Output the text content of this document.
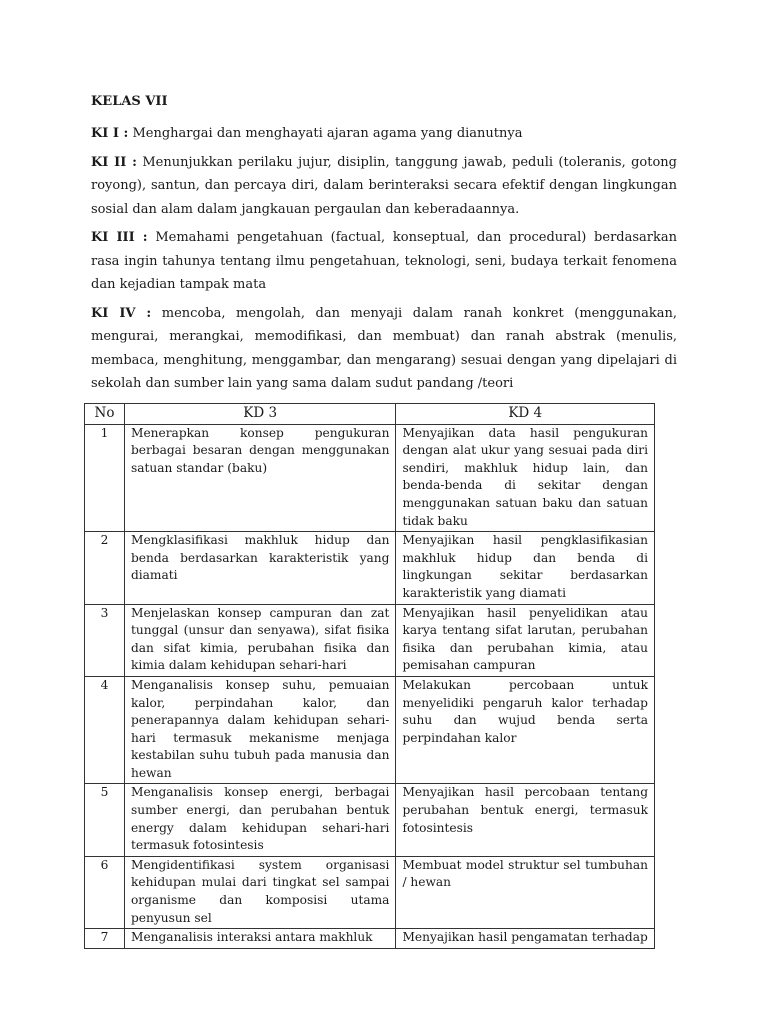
KELAS VII

KI I : Menghargai dan menghayati ajaran agama yang dianutnya

KI II : Menunjukkan perilaku jujur, disiplin, tanggung jawab, peduli (toleranis, gotong royong), santun, dan percaya diri, dalam berinteraksi secara efektif dengan lingkungan sosial dan alam dalam jangkauan pergaulan dan keberadaannya.

KI III : Memahami pengetahuan (factual, konseptual, dan procedural) berdasarkan rasa ingin tahunya tentang ilmu pengetahuan, teknologi, seni, budaya terkait fenomena dan kejadian tampak mata

KI IV : mencoba, mengolah, dan menyaji dalam ranah konkret (menggunakan, mengurai, merangkai, memodifikasi, dan membuat) dan ranah abstrak (menulis, membaca, menghitung, menggambar, dan mengarang) sesuai dengan yang dipelajari di sekolah dan sumber lain yang sama dalam sudut pandang /teori

No	KD 3	KD 4
1	Menerapkan konsep pengukuran berbagai besaran dengan menggunakan satuan standar (baku)	Menyajikan data hasil pengukuran dengan alat ukur yang sesuai pada diri sendiri, makhluk hidup lain, dan benda-benda di sekitar dengan menggunakan satuan baku dan satuan tidak baku
2	Mengklasifikasi makhluk hidup dan benda berdasarkan karakteristik yang diamati	Menyajikan hasil pengklasifikasian makhluk hidup dan benda di lingkungan sekitar berdasarkan karakteristik yang diamati
3	Menjelaskan konsep campuran dan zat tunggal (unsur dan senyawa), sifat fisika dan sifat kimia, perubahan fisika dan kimia dalam kehidupan sehari-hari	Menyajikan hasil penyelidikan atau karya tentang sifat larutan, perubahan fisika dan perubahan kimia, atau pemisahan campuran
4	Menganalisis konsep suhu, pemuaian kalor, perpindahan kalor, dan penerapannya dalam kehidupan sehari-hari termasuk mekanisme menjaga kestabilan suhu tubuh pada manusia dan hewan	Melakukan percobaan untuk menyelidiki pengaruh kalor terhadap suhu dan wujud benda serta perpindahan kalor
5	Menganalisis konsep energi, berbagai sumber energi, dan perubahan bentuk energy dalam kehidupan sehari-hari termasuk fotosintesis	Menyajikan hasil percobaan tentang perubahan bentuk energi, termasuk fotosintesis
6	Mengidentifikasi system organisasi kehidupan mulai dari tingkat sel sampai organisme dan komposisi utama penyusun sel	Membuat model struktur sel tumbuhan / hewan
7	Menganalisis interaksi antara makhluk	Menyajikan hasil pengamatan terhadap
